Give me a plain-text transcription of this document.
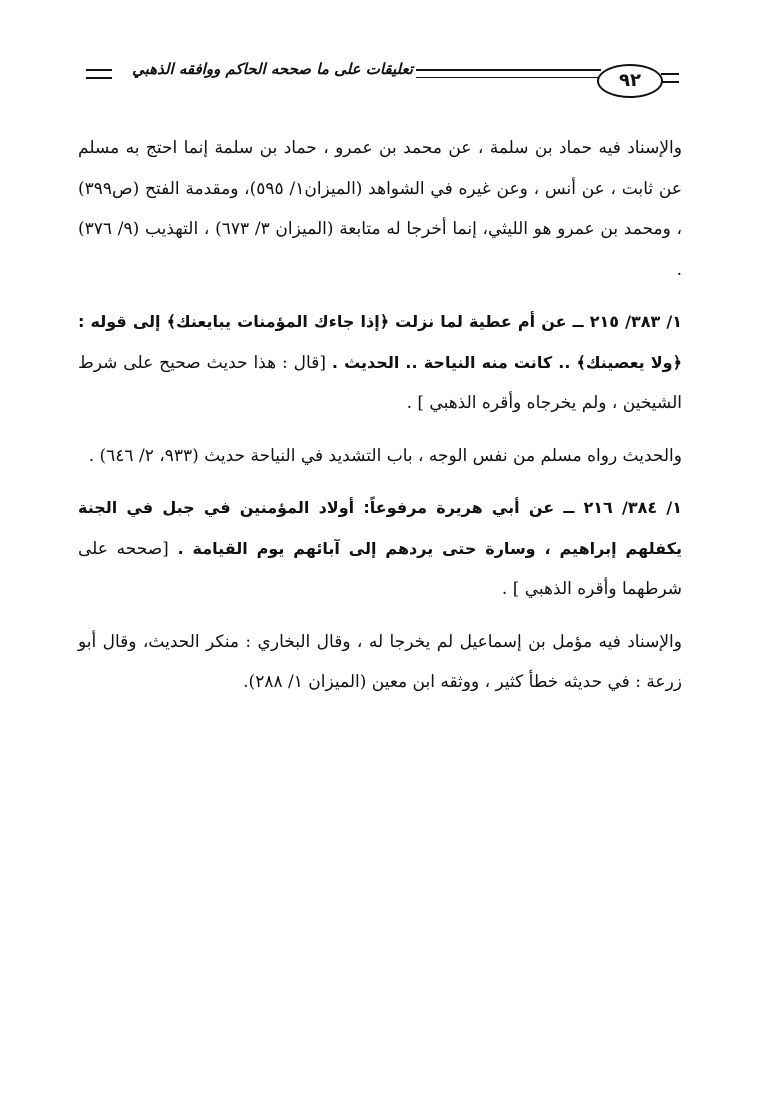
تعليقات على ما صححه الحاكم ووافقه الذهبي
٩٢

والإسناد فيه حماد بن سلمة ، عن محمد بن عمرو ، حماد بن سلمة إنما احتج به مسلم عن ثابت ، عن أنس ، وعن غيره في الشواهد (الميزان١/ ٥٩٥)، ومقدمة الفتح (ص٣٩٩) ، ومحمد بن عمرو هو الليثي، إنما أخرجا له متابعة (الميزان ٣/ ٦٧٣) ، التهذيب (٩/ ٣٧٦) .

١/ ٣٨٣/ ٢١٥ ــ عن أم عطية لما نزلت ﴿إذا جاءك المؤمنات يبايعنك﴾ إلى قوله : ﴿ولا يعصينك﴾ .. كانت منه النياحة .. الحديث . [قال : هذا حديث صحيح على شرط الشيخين ، ولم يخرجاه وأقره الذهبي ] .

والحديث رواه مسلم من نفس الوجه ، باب التشديد في النياحة حديث (٩٣٣، ٢/ ٦٤٦) .

١/ ٣٨٤/ ٢١٦ ــ عن أبي هريرة مرفوعاً: أولاد المؤمنين في جبل في الجنة يكفلهم إبراهيم ، وسارة حتى يردهم إلى آبائهم يوم القيامة . [صححه على شرطهما وأقره الذهبي ] .

والإسناد فيه مؤمل بن إسماعيل لم يخرجا له ، وقال البخاري : منكر الحديث، وقال أبو زرعة : في حديثه خطأ كثير ، ووثقه ابن معين (الميزان ١/ ٢٨٨).
